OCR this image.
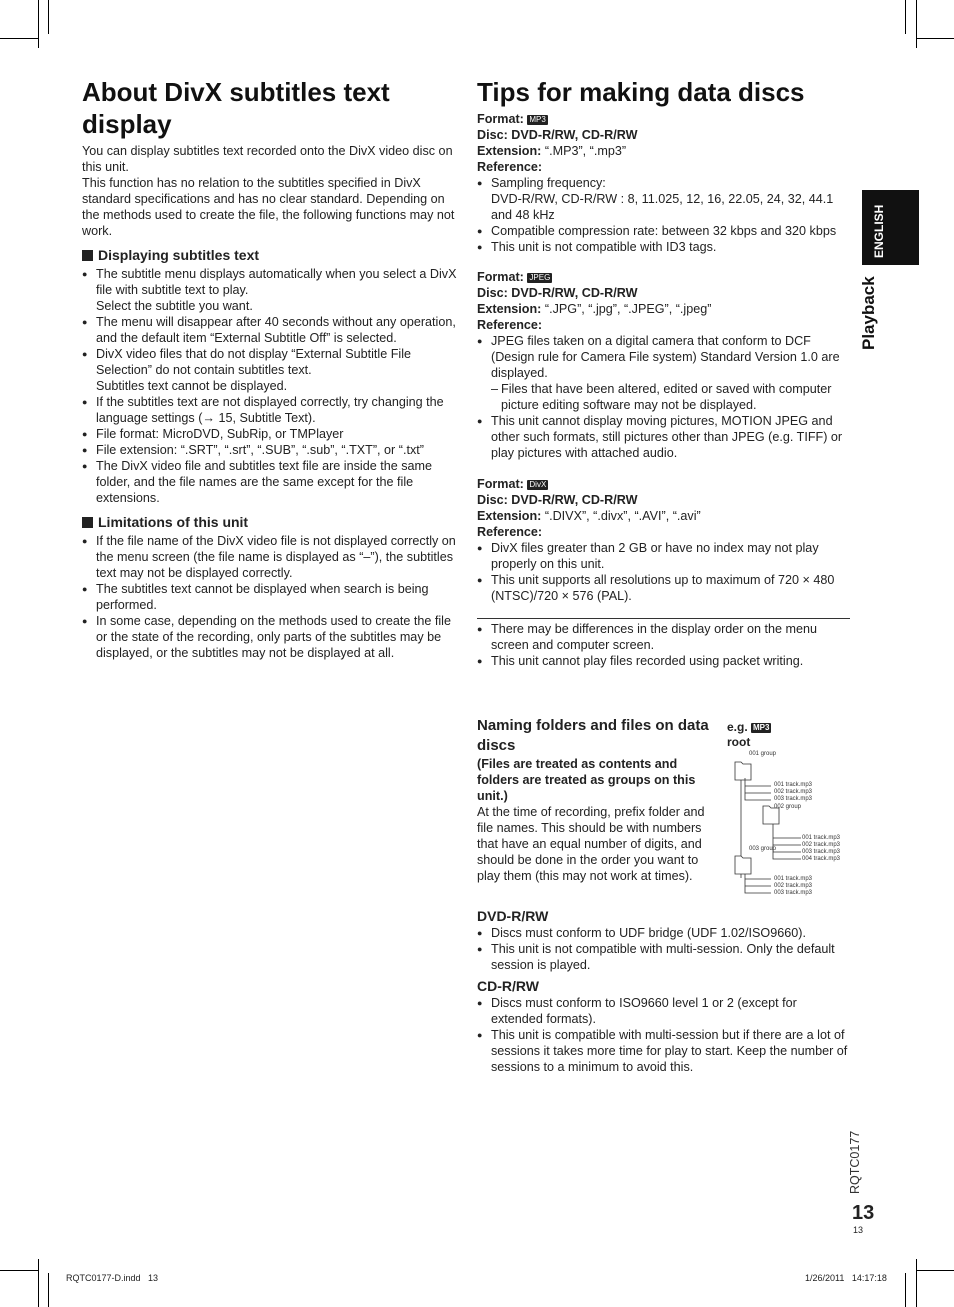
About DivX subtitles text display

You can display subtitles text recorded onto the DivX video disc on this unit.

This function has no relation to the subtitles specified in DivX standard specifications and has no clear standard. Depending on the methods used to create the file, the following functions may not work.

Displaying subtitles text
● The subtitle menu displays automatically when you select a DivX file with subtitle text to play.
Select the subtitle you want.
● The menu will disappear after 40 seconds without any operation, and the default item “External Subtitle Off” is selected.
● DivX video files that do not display “External Subtitle File Selection” do not contain subtitles text.
Subtitles text cannot be displayed.
● If the subtitles text are not displayed correctly, try changing the language settings (→ 15, Subtitle Text).
● File format: MicroDVD, SubRip, or TMPlayer
● File extension: “.SRT”, “.srt”, “.SUB”, “.sub”, “.TXT”, or “.txt”
● The DivX video file and subtitles text file are inside the same folder, and the file names are the same except for the file extensions.
Limitations of this unit
● If the file name of the DivX video file is not displayed correctly on the menu screen (the file name is displayed as “–”), the subtitles text may not be displayed correctly.
● The subtitles text cannot be displayed when search is being performed.
● In some case, depending on the methods used to create the file or the state of the recording, only parts of the subtitles may be displayed, or the subtitles may not be displayed at all.
Tips for making data discs
Format: MP3
Disc: DVD-R/RW, CD-R/RW
Extension: “.MP3”, “.mp3”
Reference:
● Sampling frequency:
DVD-R/RW, CD-R/RW : 8, 11.025, 12, 16, 22.05, 24, 32, 44.1 and 48 kHz
● Compatible compression rate: between 32 kbps and 320 kbps
● This unit is not compatible with ID3 tags.
Format: JPEG
Disc: DVD-R/RW, CD-R/RW
Extension: “.JPG”, “.jpg”, “.JPEG”, “.jpeg”
Reference:
● JPEG files taken on a digital camera that conform to DCF (Design rule for Camera File system) Standard Version 1.0 are displayed.
– Files that have been altered, edited or saved with computer picture editing software may not be displayed.
● This unit cannot display moving pictures, MOTION JPEG and other such formats, still pictures other than JPEG (e.g. TIFF) or play pictures with attached audio.
Format: DivX
Disc: DVD-R/RW, CD-R/RW
Extension: “.DIVX”, “.divx”, “.AVI”, “.avi”
Reference:
● DivX files greater than 2 GB or have no index may not play properly on this unit.
● This unit supports all resolutions up to maximum of 720 × 480 (NTSC)/720 × 576 (PAL).
● There may be differences in the display order on the menu screen and computer screen.
● This unit cannot play files recorded using packet writing.
Naming folders and files on data discs
(Files are treated as contents and folders are treated as groups on this unit.)
At the time of recording, prefix folder and file names. This should be with numbers that have an equal number of digits, and should be done in the order you want to play them (this may not work at times).
e.g. MP3
root
001 group
001 track.mp3
002 track.mp3
003 track.mp3
002 group
001 track.mp3
002 track.mp3
003 track.mp3
004 track.mp3
003 group
001 track.mp3
002 track.mp3
003 track.mp3
DVD-R/RW
● Discs must conform to UDF bridge (UDF 1.02/ISO9660).
● This unit is not compatible with multi-session. Only the default session is played.
CD-R/RW
● Discs must conform to ISO9660 level 1 or 2 (except for extended formats).
● This unit is compatible with multi-session but if there are a lot of sessions it takes more time for play to start. Keep the number of sessions to a minimum to avoid this.
ENGLISH
Playback
RQTC0177
13
13
RQTC0177-D.indd   13	1/26/2011   14:17:18
